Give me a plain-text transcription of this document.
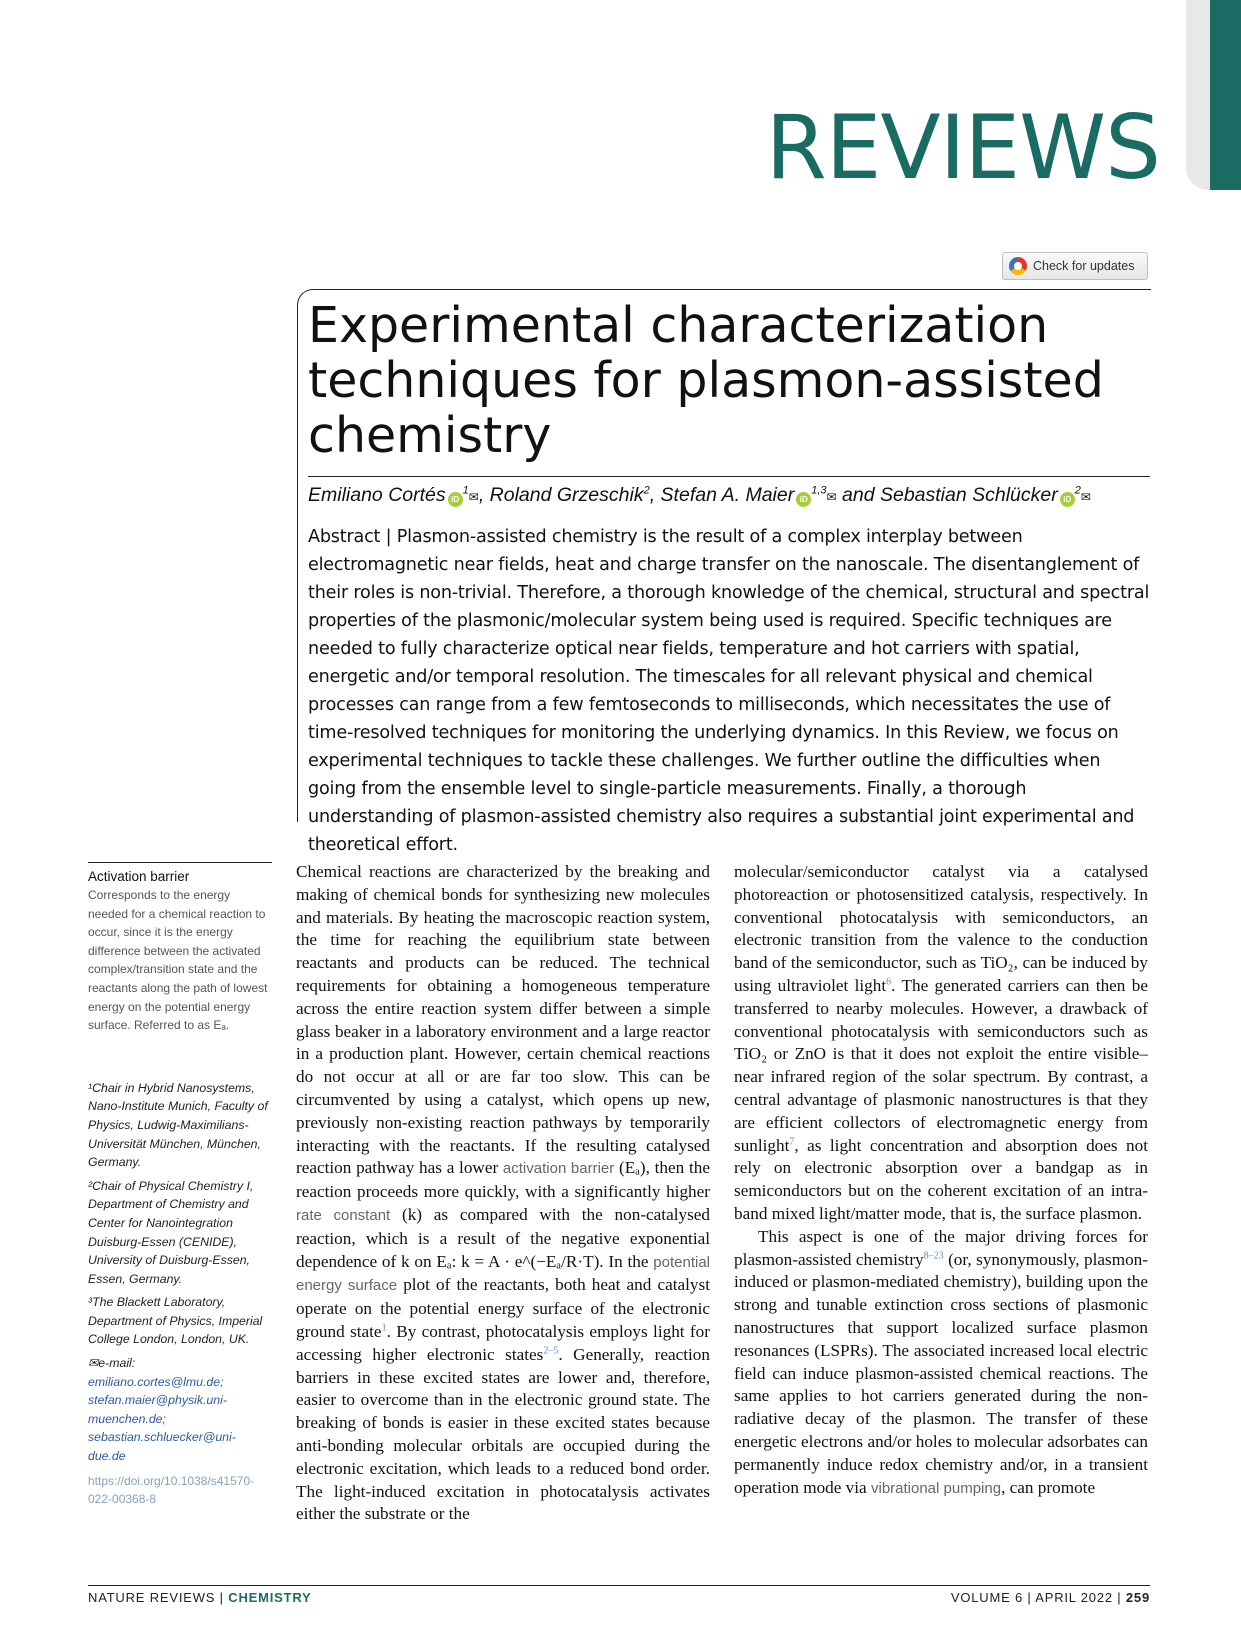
REVIEWS
Check for updates
Experimental characterization techniques for plasmon-assisted chemistry
Emiliano Cortés $iD^1✉$, Roland Grzeschik$^2$, Stefan A. Maier iD$^{1,3}$✉ and Sebastian Schlücker $iD^2✉$

Abstract | Plasmon-assisted chemistry is the result of a complex interplay between electromagnetic near fields, heat and charge transfer on the nanoscale. The disentanglement of their roles is non-trivial. Therefore, a thorough knowledge of the chemical, structural and spectral properties of the plasmonic/molecular system being used is required. Specific techniques are needed to fully characterize optical near fields, temperature and hot carriers with spatial, energetic and/or temporal resolution. The timescales for all relevant physical and chemical processes can range from a few femtoseconds to milliseconds, which necessitates the use of time-resolved techniques for monitoring the underlying dynamics. In this Review, we focus on experimental techniques to tackle these challenges. We further outline the difficulties when going from the ensemble level to single-particle measurements. Finally, a thorough understanding of plasmon-assisted chemistry also requires a substantial joint experimental and theoretical effort.

Activation barrier

Corresponds to the energy needed for a chemical reaction to occur, since it is the energy difference between the activated complex/transition state and the reactants along the path of lowest energy on the potential energy surface. Referred to as Eₐ.

¹Chair in Hybrid Nanosystems, Nano-Institute Munich, Faculty of Physics, Ludwig-Maximilians-Universität München, München, Germany.

²Chair of Physical Chemistry I, Department of Chemistry and Center for Nanointegration Duisburg-Essen (CENIDE), University of Duisburg-Essen, Essen, Germany.

³The Blackett Laboratory, Department of Physics, Imperial College London, London, UK.

✉e-mail: emiliano.cortes@lmu.de; stefan.maier@physik.uni-muenchen.de; sebastian.schluecker@uni-due.de

https://doi.org/10.1038/s41570-022-00368-8

Chemical reactions are characterized by the breaking and making of chemical bonds for synthesizing new molecules and materials. By heating the macroscopic reaction system, the time for reaching the equilibrium state between reactants and products can be reduced. The technical requirements for obtaining a homogeneous temperature across the entire reaction system differ between a simple glass beaker in a laboratory environment and a large reactor in a production plant. However, certain chemical reactions do not occur at all or are far too slow. This can be circumvented by using a catalyst, which opens up new, previously non-existing reaction pathways by temporarily interacting with the reactants. If the resulting catalysed reaction pathway has a lower activation barrier (Eₐ), then the reaction proceeds more quickly, with a significantly higher rate constant (k) as compared with the non-catalysed reaction, which is a result of the negative exponential dependence of k on Eₐ: k = A · e^(−Eₐ/R·T). In the potential energy surface plot of the reactants, both heat and catalyst operate on the potential energy surface of the electronic ground state$^1$. By contrast, photocatalysis employs light for accessing higher electronic states$^{2-5}$. Generally, reaction barriers in these excited states are lower and, therefore, easier to overcome than in the electronic ground state. The breaking of bonds is easier in these excited states because anti-bonding molecular orbitals are occupied during the electronic excitation, which leads to a reduced bond order. The light-induced excitation in photocatalysis activates either the substrate or the

molecular/semiconductor catalyst via a catalysed photoreaction or photosensitized catalysis, respectively. In conventional photocatalysis with semiconductors, an electronic transition from the valence to the conduction band of the semiconductor, such as TiO₂, can be induced by using ultraviolet light$^6$. The generated carriers can then be transferred to nearby molecules. However, a drawback of conventional photocatalysis with semiconductors such as TiO₂ or ZnO is that it does not exploit the entire visible–near infrared region of the solar spectrum. By contrast, a central advantage of plasmonic nanostructures is that they are efficient collectors of electromagnetic energy from sunlight$^7$, as light concentration and absorption does not rely on electronic absorption over a bandgap as in semiconductors but on the coherent excitation of an intra-band mixed light/matter mode, that is, the surface plasmon.

This aspect is one of the major driving forces for plasmon-assisted chemistry$^{8-23}$ (or, synonymously, plasmon-induced or plasmon-mediated chemistry), building upon the strong and tunable extinction cross sections of plasmonic nanostructures that support localized surface plasmon resonances (LSPRs). The associated increased local electric field can induce plasmon-assisted chemical reactions. The same applies to hot carriers generated during the non-radiative decay of the plasmon. The transfer of these energetic electrons and/or holes to molecular adsorbates can permanently induce redox chemistry and/or, in a transient operation mode via vibrational pumping, can promote

NATURE REVIEWS | CHEMISTRY	VOLUME 6 | APRIL 2022 | 259
